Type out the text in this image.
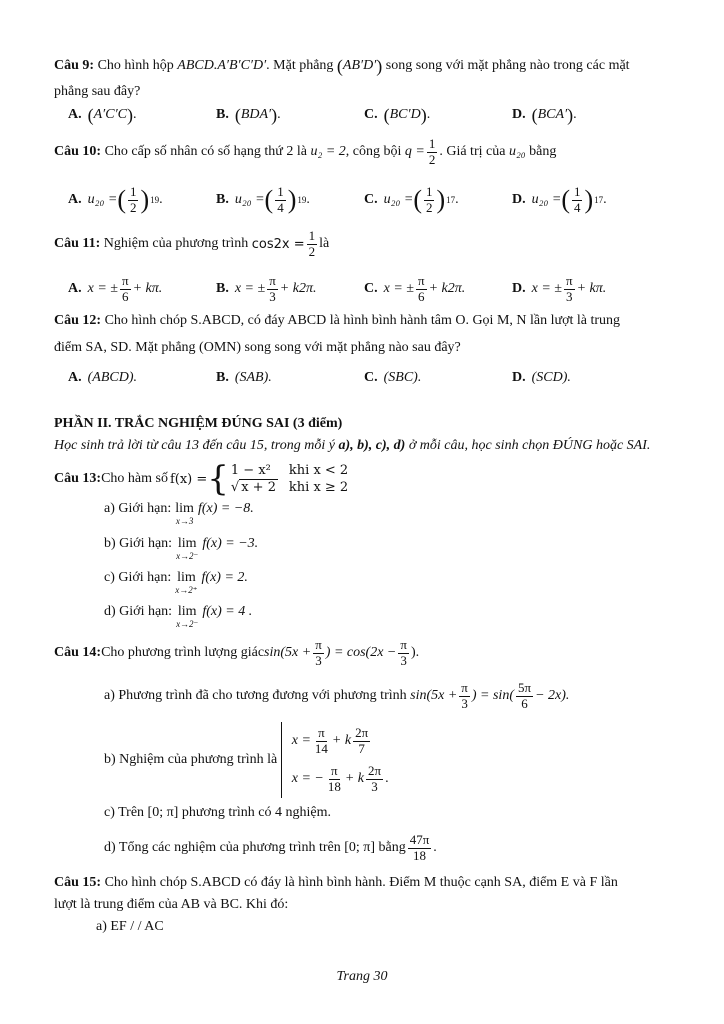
Câu 9: Cho hình hộp ABCD.A′B′C′D′. Mặt phẳng (AB′D′) song song với mặt phẳng nào trong các mặt
phẳng sau đây?
A. ( A′C′C ) .	B. ( BDA′ ) .	C. ( BC′D ) .	D. ( BCA′ ) .
Câu 10:
Cho cấp số nhân có số hạng thứ 2 là
u₂ = 2 , công bội
$q = \frac{1}{2}$ . Giá trị của
u₂₀
bằng
A. u₂₀ = ( $\frac{1}{2}$ ) 19 .	B. u₂₀ = ( $\frac{1}{4}$ ) 19 .	C. u₂₀ = ( $\frac{1}{2}$ ) 17 .	D. u₂₀ = ( $\frac{1}{4}$ ) 17 .
Câu 11:
Nghiệm của phương trình
$\cos 2x = \frac{1}{2}$ là
A. x = ± $\frac{\pi}{6} + k\pi$.	B. x = ± $\frac{\pi}{3} + k2\pi$.	C. x = ± $\frac{\pi}{6} + k2\pi$.	D. x = ± $\frac{\pi}{3} + k\pi$.
Câu 12: Cho hình chóp S.ABCD, có đáy ABCD là hình bình hành tâm O. Gọi M, N lần lượt là trung
điểm SA, SD. Mặt phẳng (OMN) song song với mặt phẳng nào sau đây?
A. (ABCD).	B. (SAB).	C. (SBC).	D. (SCD).
PHẦN II. TRẮC NGHIỆM ĐÚNG SAI (3 điểm)
Học sinh trả lời từ câu 13 đến câu 15, trong mỗi ý a), b), c), d) ở mỗi câu, học sinh chọn ĐÚNG hoặc SAI.
Câu 13: Cho hàm số f(x) = { 1 − x² khi x < 2
√ x + 2 khi x ≥ 2
a) Giới hạn: lim
x→3
f(x) = −8.
b) Giới hạn: lim
x→2⁻
f(x) = −3.
c) Giới hạn: lim
x→2⁺
f(x) = 2.
d) Giới hạn: lim
x→2⁻
f(x) = 4 .
Câu 14: Cho phương trình lượng giác $\sin(5x + \frac{\pi}{3}$ ) = $\cos(2x - \frac{\pi}{3}$ ).
a) Phương trình đã cho tương đương với phương trình
$\sin(5x + \frac{\pi}{3}$ ) = $\sin( \frac{5\pi}{6} - 2x)$.
b) Nghiệm của phương trình là

$x = \frac{\pi}{14} + k \frac{2\pi}{7}$
x = − $\frac{\pi}{18} + k \frac{2\pi}{3}$ .
c) Trên [0; π] phương trình có 4 nghiệm.
d) Tổng các nghiệm của phương trình trên [0; π] bằng $\frac{47\pi}{18}$ .
Câu 15: Cho hình chóp S.ABCD có đáy là hình bình hành. Điểm M thuộc cạnh SA, điểm E và F lần
lượt là trung điểm của AB và BC. Khi đó:
a) EF / / AC
Trang 30
